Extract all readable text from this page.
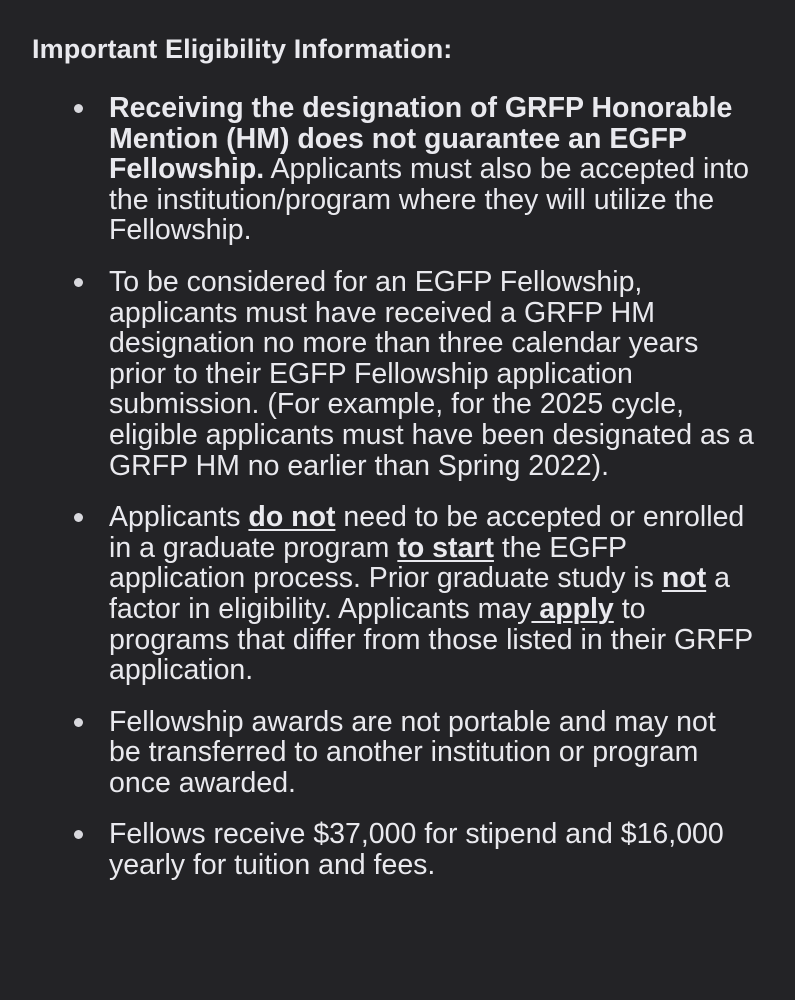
Important Eligibility Information:
Receiving the designation of GRFP Honorable Mention (HM) does not guarantee an EGFP Fellowship. Applicants must also be accepted into the institution/program where they will utilize the Fellowship.
To be considered for an EGFP Fellowship, applicants must have received a GRFP HM designation no more than three calendar years prior to their EGFP Fellowship application submission. (For example, for the 2025 cycle, eligible applicants must have been designated as a GRFP HM no earlier than Spring 2022).
Applicants do not need to be accepted or enrolled in a graduate program to start the EGFP application process. Prior graduate study is not a factor in eligibility. Applicants may apply to programs that differ from those listed in their GRFP application.
Fellowship awards are not portable and may not be transferred to another institution or program once awarded.
Fellows receive $37,000 for stipend and $16,000 yearly for tuition and fees.
